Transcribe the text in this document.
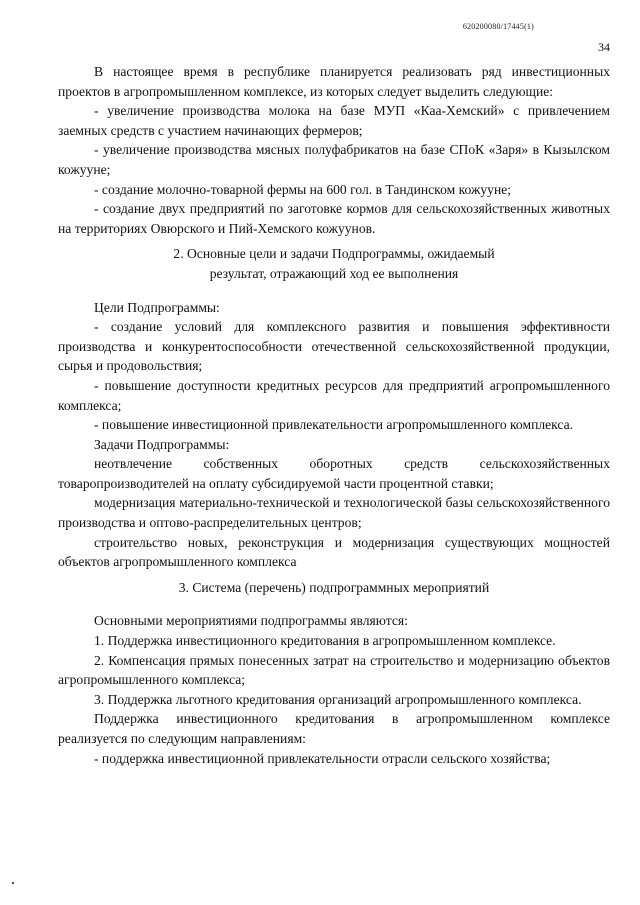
620200080/17445(1)
34

В настоящее время в республике планируется реализовать ряд инвестиционных проектов в агропромышленном комплексе, из которых следует выделить следующие:

- увеличение производства молока на базе МУП «Каа-Хемский» с привлечением заемных средств с участием начинающих фермеров;

- увеличение производства мясных полуфабрикатов на базе СПоК «Заря» в Кызылском кожууне;

- создание молочно-товарной фермы на 600 гол. в Тандинском кожууне;

- создание двух предприятий по заготовке кормов для сельскохозяйственных животных на территориях Овюрского и Пий-Хемского кожуунов.

2. Основные цели и задачи Подпрограммы, ожидаемый
результат, отражающий ход ее выполнения

Цели Подпрограммы:

- создание условий для комплексного развития и повышения эффективности производства и конкурентоспособности отечественной сельскохозяйственной продукции, сырья и продовольствия;

- повышение доступности кредитных ресурсов для предприятий агропромышленного комплекса;

- повышение инвестиционной привлекательности агропромышленного комплекса.

Задачи Подпрограммы:

неотвлечение собственных оборотных средств сельскохозяйственных товаропроизводителей на оплату субсидируемой части процентной ставки;

модернизация материально-технической и технологической базы сельскохозяйственного производства и оптово-распределительных центров;

строительство новых, реконструкция и модернизация существующих мощностей объектов агропромышленного комплекса

3. Система (перечень) подпрограммных мероприятий

Основными мероприятиями подпрограммы являются:

1. Поддержка инвестиционного кредитования в агропромышленном комплексе.

2. Компенсация прямых понесенных затрат на строительство и модернизацию объектов агропромышленного комплекса;

3. Поддержка льготного кредитования организаций агропромышленного комплекса.

Поддержка инвестиционного кредитования в агропромышленном комплексе реализуется по следующим направлениям:

- поддержка инвестиционной привлекательности отрасли сельского хозяйства;
